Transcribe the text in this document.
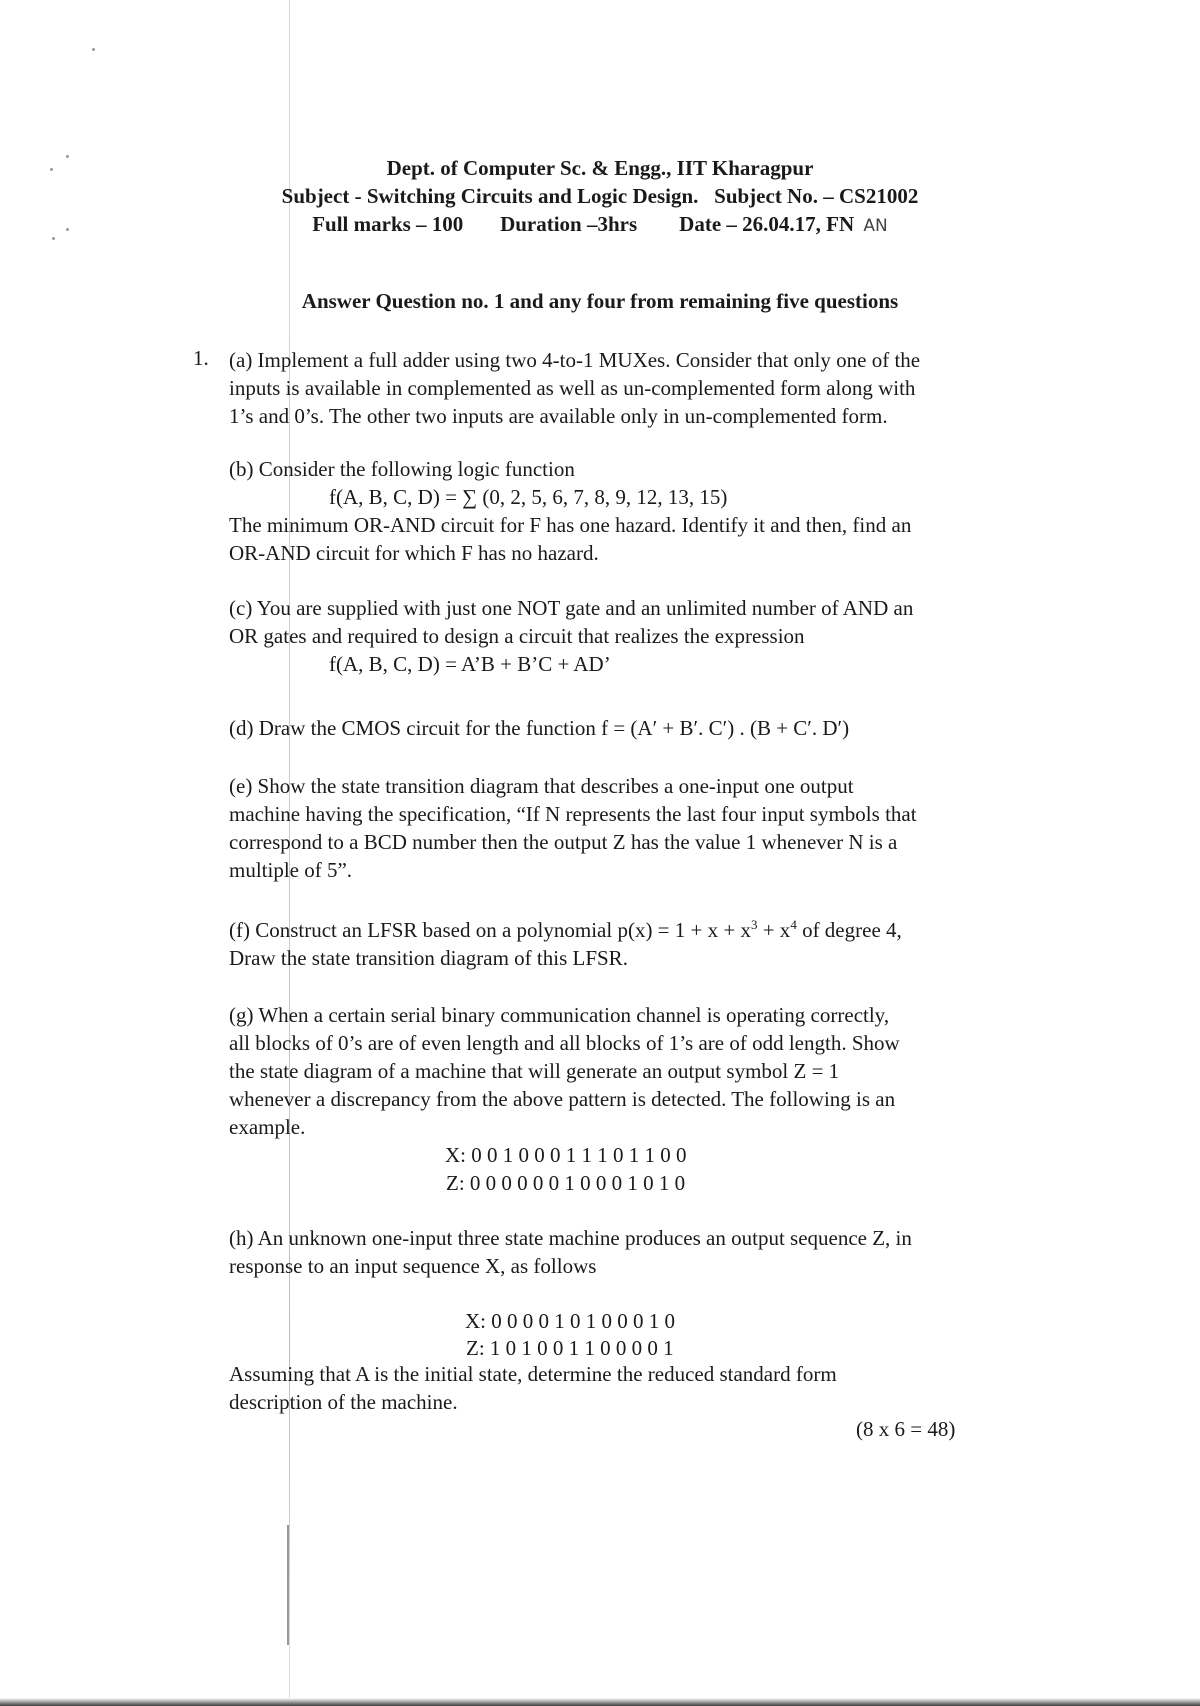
Dept. of Computer Sc. & Engg., IIT Kharagpur
Subject - Switching Circuits and Logic Design. Subject No. – CS21002
Full marks – 100 Duration –3hrs Date – 26.04.17, FN AN
Answer Question no. 1 and any four from remaining five questions
1. (a) Implement a full adder using two 4-to-1 MUXes. Consider that only one of the

inputs is available in complemented as well as un-complemented form along with

1’s and 0’s. The other two inputs are available only in un-complemented form.

(b) Consider the following logic function

f(A, B, C, D) = ∑ (0, 2, 5, 6, 7, 8, 9, 12, 13, 15)

The minimum OR-AND circuit for F has one hazard. Identify it and then, find an

OR-AND circuit for which F has no hazard.

(c) You are supplied with just one NOT gate and an unlimited number of AND an

OR gates and required to design a circuit that realizes the expression

f(A, B, C, D) = A’B + B’C + AD’

(d) Draw the CMOS circuit for the function f = (A′ + B′. C′) . (B + C′. D′)

(e) Show the state transition diagram that describes a one-input one output

machine having the specification, “If N represents the last four input symbols that

correspond to a BCD number then the output Z has the value 1 whenever N is a

multiple of 5”.

(f) Construct an LFSR based on a polynomial $p(x) = 1 + x + x^3 + x^4$ of degree 4,

Draw the state transition diagram of this LFSR.

(g) When a certain serial binary communication channel is operating correctly,

all blocks of 0’s are of even length and all blocks of 1’s are of odd length. Show

the state diagram of a machine that will generate an output symbol Z = 1

whenever a discrepancy from the above pattern is detected. The following is an

example.

X: 0 0 1 0 0 0 1 1 1 0 1 1 0 0
Z: 0 0 0 0 0 0 1 0 0 0 1 0 1 0

(h) An unknown one-input three state machine produces an output sequence Z, in

response to an input sequence X, as follows

X: 0 0 0 0 1 0 1 0 0 0 1 0
Z: 1 0 1 0 0 1 1 0 0 0 0 1

Assuming that A is the initial state, determine the reduced standard form

description of the machine.

(8 x 6 = 48)
